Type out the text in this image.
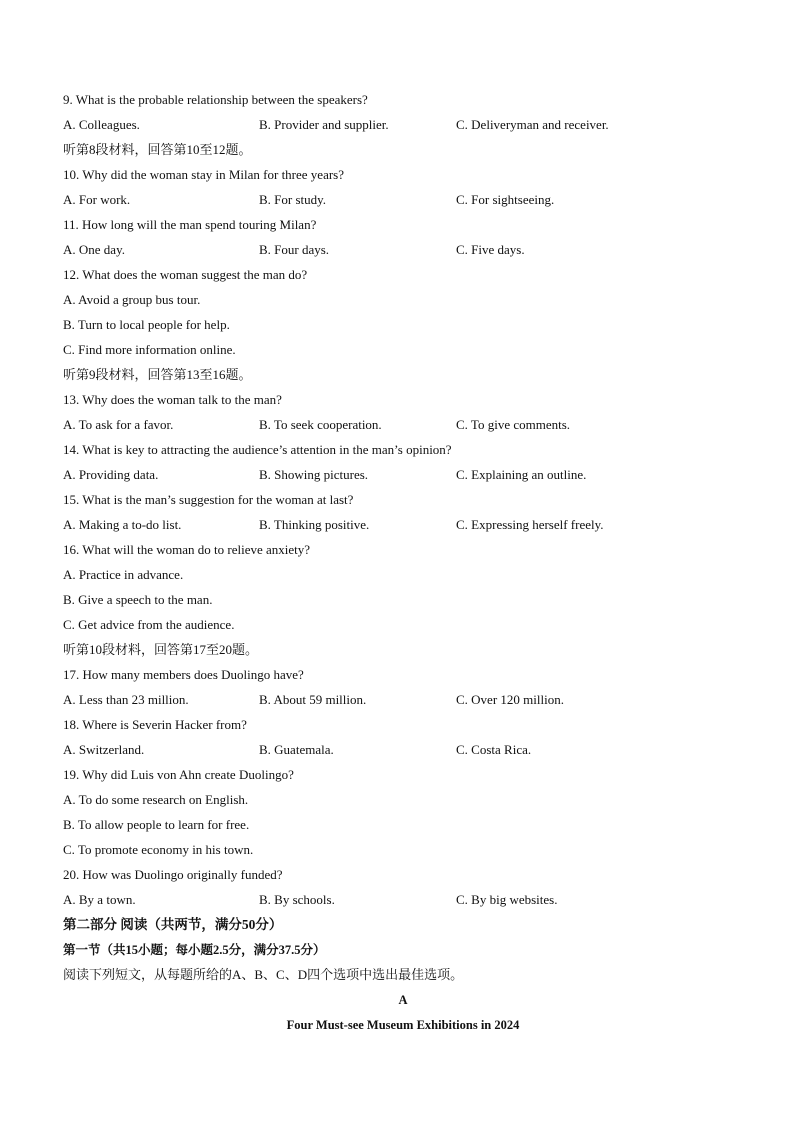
9. What is the probable relationship between the speakers?
A. Colleagues.	B. Provider and supplier.	C. Deliveryman and receiver.
听第8段材料，回答第10至12题。
10. Why did the woman stay in Milan for three years?
A. For work.	B. For study.	C. For sightseeing.
11. How long will the man spend touring Milan?
A. One day.	B. Four days.	C. Five days.
12. What does the woman suggest the man do?
A. Avoid a group bus tour.
B. Turn to local people for help.
C. Find more information online.
听第9段材料，回答第13至16题。
13. Why does the woman talk to the man?
A. To ask for a favor.	B. To seek cooperation.	C. To give comments.
14. What is key to attracting the audience’s attention in the man’s opinion?
A. Providing data.	B. Showing pictures.	C. Explaining an outline.
15. What is the man’s suggestion for the woman at last?
A. Making a to-do list.	B. Thinking positive.	C. Expressing herself freely.
16. What will the woman do to relieve anxiety?
A. Practice in advance.
B. Give a speech to the man.
C. Get advice from the audience.
听第10段材料，回答第17至20题。
17. How many members does Duolingo have?
A. Less than 23 million.	B. About 59 million.	C. Over 120 million.
18. Where is Severin Hacker from?
A. Switzerland.	B. Guatemala.	C. Costa Rica.
19. Why did Luis von Ahn create Duolingo?
A. To do some research on English.
B. To allow people to learn for free.
C. To promote economy in his town.
20. How was Duolingo originally funded?
A. By a town.	B. By schools.	C. By big websites.
第二部分 阅读（共两节，满分50分）
第一节（共15小题；每小题2.5分，满分37.5分）
阅读下列短文，从每题所给的A、B、C、D四个选项中选出最佳选项。
A
Four Must-see Museum Exhibitions in 2024
